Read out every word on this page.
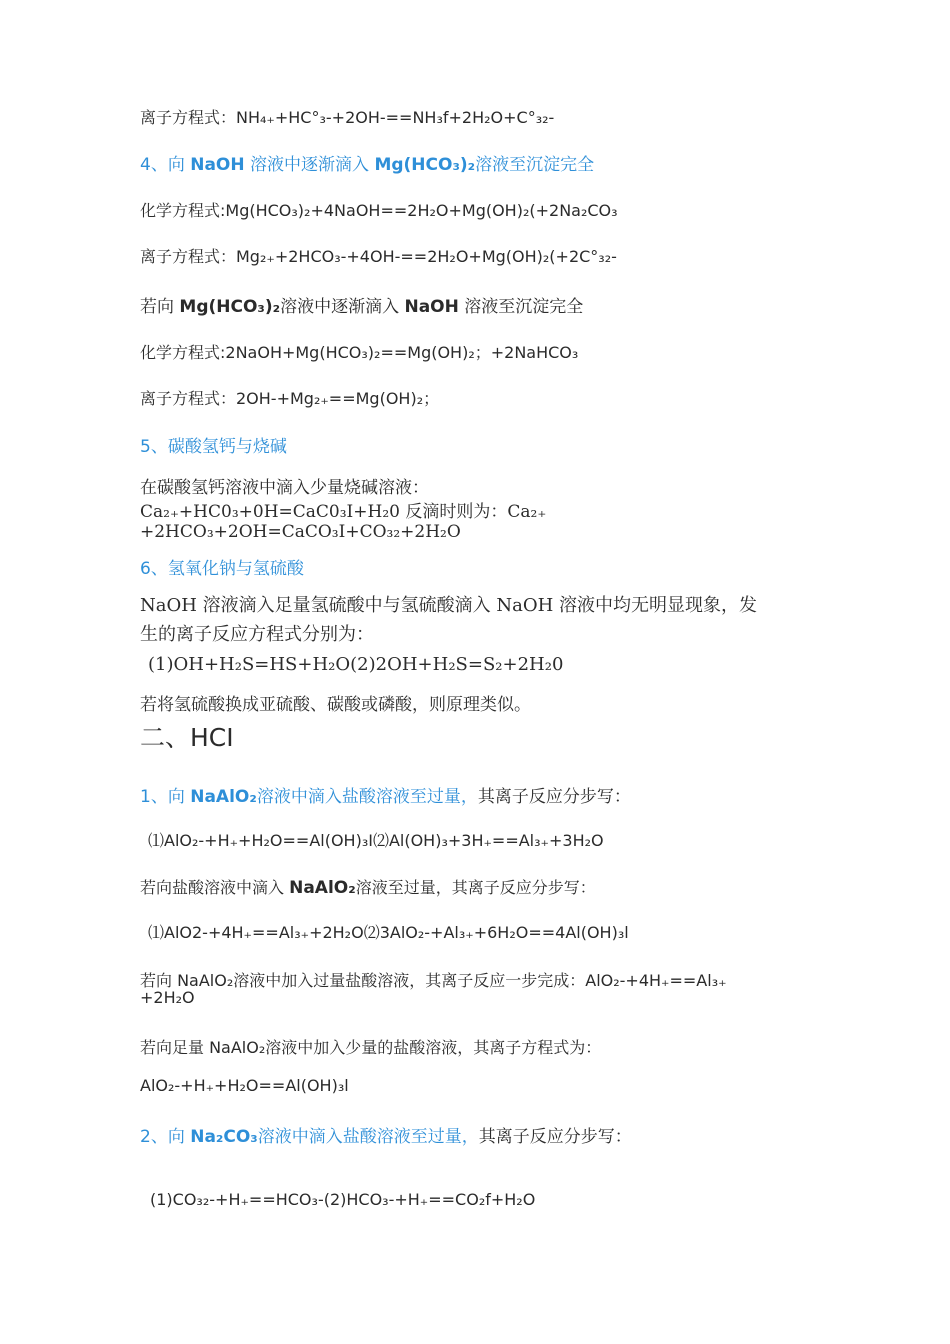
离子方程式：NH₄₊+HC°₃-+2OH-==NH₃f+2H₂O+C°₃₂-
4、向 NaOH 溶液中逐渐滴入 Mg(HCO₃)₂溶液至沉淀完全
化学方程式:Mg(HCO₃)₂+4NaOH==2H₂O+Mg(OH)₂(+2Na₂CO₃
离子方程式：Mg₂₊+2HCO₃-+4OH-==2H₂O+Mg(OH)₂(+2C°₃₂-
若向 Mg(HCO₃)₂溶液中逐渐滴入 NaOH 溶液至沉淀完全
化学方程式:2NaOH+Mg(HCO₃)₂==Mg(OH)₂；+2NaHCO₃
离子方程式：2OH-+Mg₂₊==Mg(OH)₂；
5、碳酸氢钙与烧碱
在碳酸氢钙溶液中滴入少量烧碱溶液：
Ca₂₊+HC0₃+0H=CaC0₃I+H₂0 反滴时则为：Ca₂₊
+2HCO₃+2OH=CaCO₃I+CO₃₂+2H₂O
6、氢氧化钠与氢硫酸
NaOH 溶液滴入足量氢硫酸中与氢硫酸滴入 NaOH 溶液中均无明显现象，发
生的离子反应方程式分别为：
(1)OH+H₂S=HS+H₂O(2)2OH+H₂S=S₂+2H₂0
若将氢硫酸换成亚硫酸、碳酸或磷酸，则原理类似。
二、HCI
1、向 NaAlO₂溶液中滴入盐酸溶液至过量，其离子反应分步写：
⑴AlO₂-+H₊+H₂O==Al(OH)₃I⑵Al(OH)₃+3H₊==Al₃₊+3H₂O
若向盐酸溶液中滴入 NaAlO₂溶液至过量，其离子反应分步写：
⑴AlO2-+4H₊==Al₃₊+2H₂O⑵3AlO₂-+Al₃₊+6H₂O==4Al(OH)₃l
若向 NaAlO₂溶液中加入过量盐酸溶液，其离子反应一步完成：AlO₂-+4H₊==Al₃₊
+2H₂O
若向足量 NaAlO₂溶液中加入少量的盐酸溶液，其离子方程式为：
AlO₂-+H₊+H₂O==Al(OH)₃l
2、向 Na₂CO₃溶液中滴入盐酸溶液至过量，其离子反应分步写：
(1)CO₃₂-+H₊==HCO₃-(2)HCO₃-+H₊==CO₂f+H₂O
